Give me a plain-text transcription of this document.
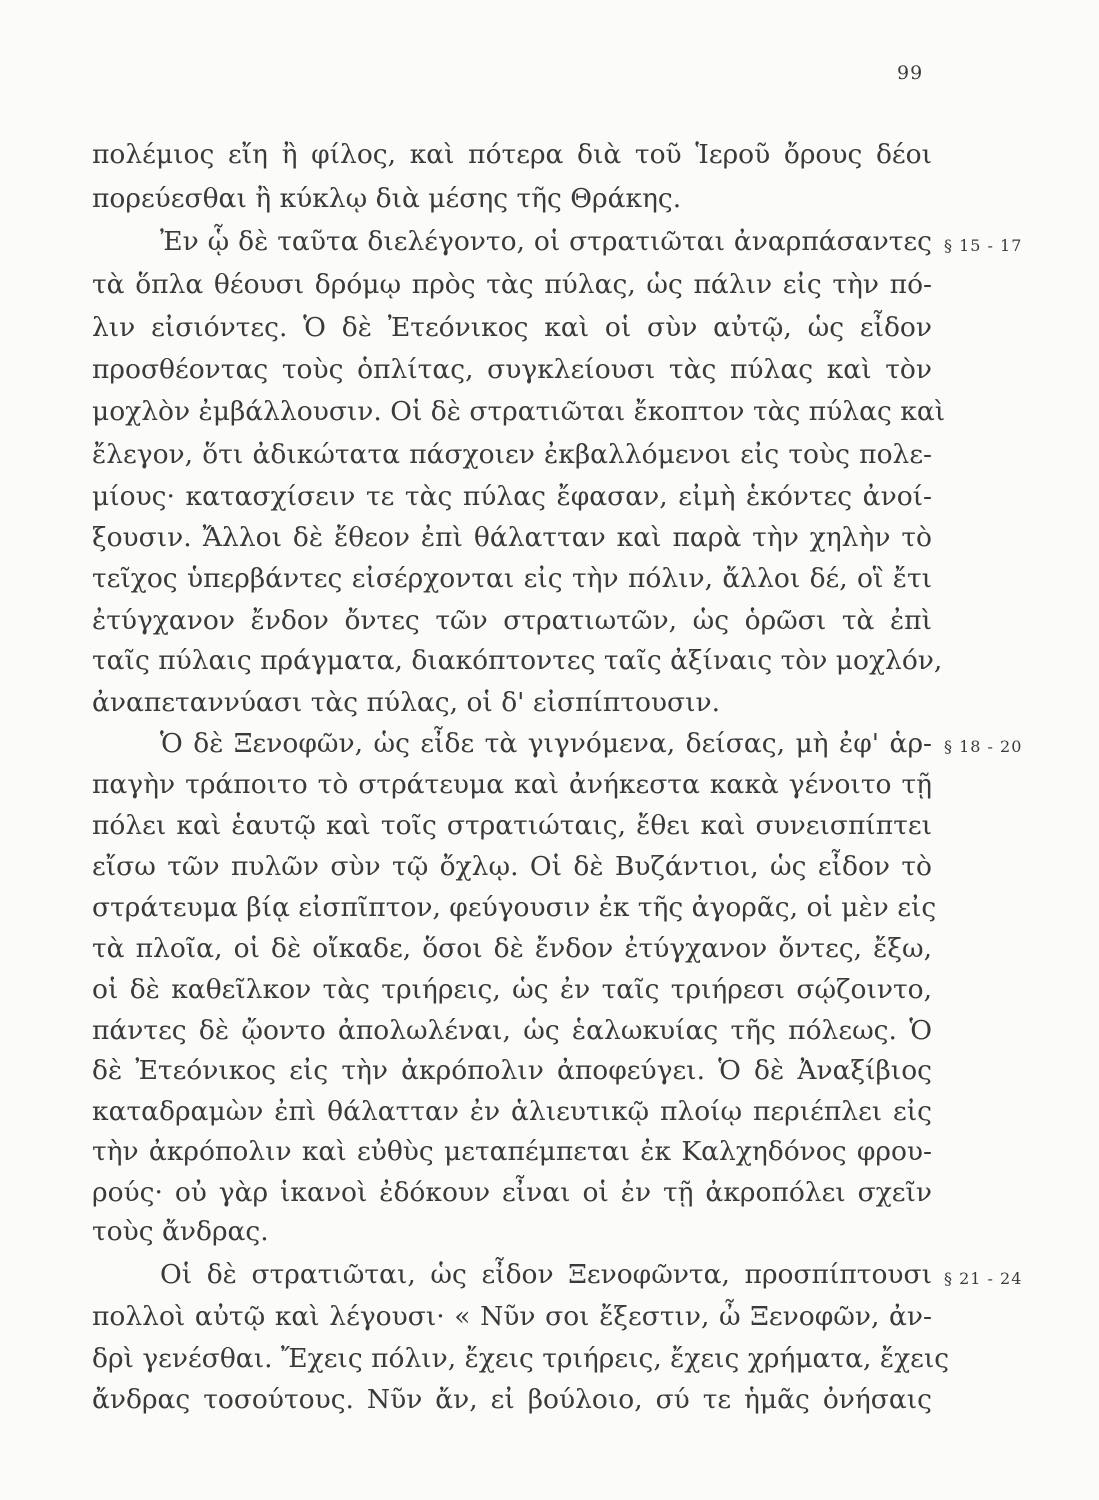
99
πολέμιος εἴη ἢ φίλος, καὶ πότερα διὰ τοῦ Ἱεροῦ ὄρους δέοι
πορεύεσθαι ἢ κύκλῳ διὰ μέσης τῆς Θράκης.
Ἐν ᾧ δὲ ταῦτα διελέγοντο, οἱ στρατιῶται ἀναρπάσαντες
τὰ ὅπλα θέουσι δρόμῳ πρὸς τὰς πύλας, ὡς πάλιν εἰς τὴν πό-
λιν εἰσιόντες. Ὁ δὲ Ἐτεόνικος καὶ οἱ σὺν αὐτῷ, ὡς εἶδον
προσθέοντας τοὺς ὁπλίτας, συγκλείουσι τὰς πύλας καὶ τὸν
μοχλὸν ἐμβάλλουσιν. Οἱ δὲ στρατιῶται ἔκοπτον τὰς πύλας καὶ
ἔλεγον, ὅτι ἀδικώτατα πάσχοιεν ἐκβαλλόμενοι εἰς τοὺς πολε-
μίους· κατασχίσειν τε τὰς πύλας ἔφασαν, εἰμὴ ἑκόντες ἀνοί-
ξουσιν. Ἄλλοι δὲ ἔθεον ἐπὶ θάλατταν καὶ παρὰ τὴν χηλὴν τὸ
τεῖχος ὑπερβάντες εἰσέρχονται εἰς τὴν πόλιν, ἄλλοι δέ, οἳ ἔτι
ἐτύγχανον ἔνδον ὄντες τῶν στρατιωτῶν, ὡς ὁρῶσι τὰ ἐπὶ
ταῖς πύλαις πράγματα, διακόπτοντες ταῖς ἀξίναις τὸν μοχλόν,
ἀναπεταννύασι τὰς πύλας, οἱ δ' εἰσπίπτουσιν.
Ὁ δὲ Ξενοφῶν, ὡς εἶδε τὰ γιγνόμενα, δείσας, μὴ ἐφ' ἁρ-
παγὴν τράποιτο τὸ στράτευμα καὶ ἀνήκεστα κακὰ γένοιτο τῇ
πόλει καὶ ἑαυτῷ καὶ τοῖς στρατιώταις, ἔθει καὶ συνεισπίπτει
εἴσω τῶν πυλῶν σὺν τῷ ὄχλῳ. Οἱ δὲ Βυζάντιοι, ὡς εἶδον τὸ
στράτευμα βίᾳ εἰσπῖπτον, φεύγουσιν ἐκ τῆς ἀγορᾶς, οἱ μὲν εἰς
τὰ πλοῖα, οἱ δὲ οἴκαδε, ὅσοι δὲ ἔνδον ἐτύγχανον ὄντες, ἔξω,
οἱ δὲ καθεῖλκον τὰς τριήρεις, ὡς ἐν ταῖς τριήρεσι σῴζοιντο,
πάντες δὲ ᾤοντο ἀπολωλέναι, ὡς ἑαλωκυίας τῆς πόλεως. Ὁ
δὲ Ἐτεόνικος εἰς τὴν ἀκρόπολιν ἀποφεύγει. Ὁ δὲ Ἀναξίβιος
καταδραμὼν ἐπὶ θάλατταν ἐν ἁλιευτικῷ πλοίῳ περιέπλει εἰς
τὴν ἀκρόπολιν καὶ εὐθὺς μεταπέμπεται ἐκ Καλχηδόνος φρου-
ρούς· οὐ γὰρ ἱκανοὶ ἐδόκουν εἶναι οἱ ἐν τῇ ἀκροπόλει σχεῖν
τοὺς ἄνδρας.
Οἱ δὲ στρατιῶται, ὡς εἶδον Ξενοφῶντα, προσπίπτουσι
πολλοὶ αὐτῷ καὶ λέγουσι· « Νῦν σοι ἔξεστιν, ὦ Ξενοφῶν, ἀν-
δρὶ γενέσθαι. Ἔχεις πόλιν, ἔχεις τριήρεις, ἔχεις χρήματα, ἔχεις
ἄνδρας τοσούτους. Νῦν ἄν, εἰ βούλοιο, σύ τε ἡμᾶς ὀνήσαις
§ 15 - 17
§ 18 - 20
§ 21 - 24
